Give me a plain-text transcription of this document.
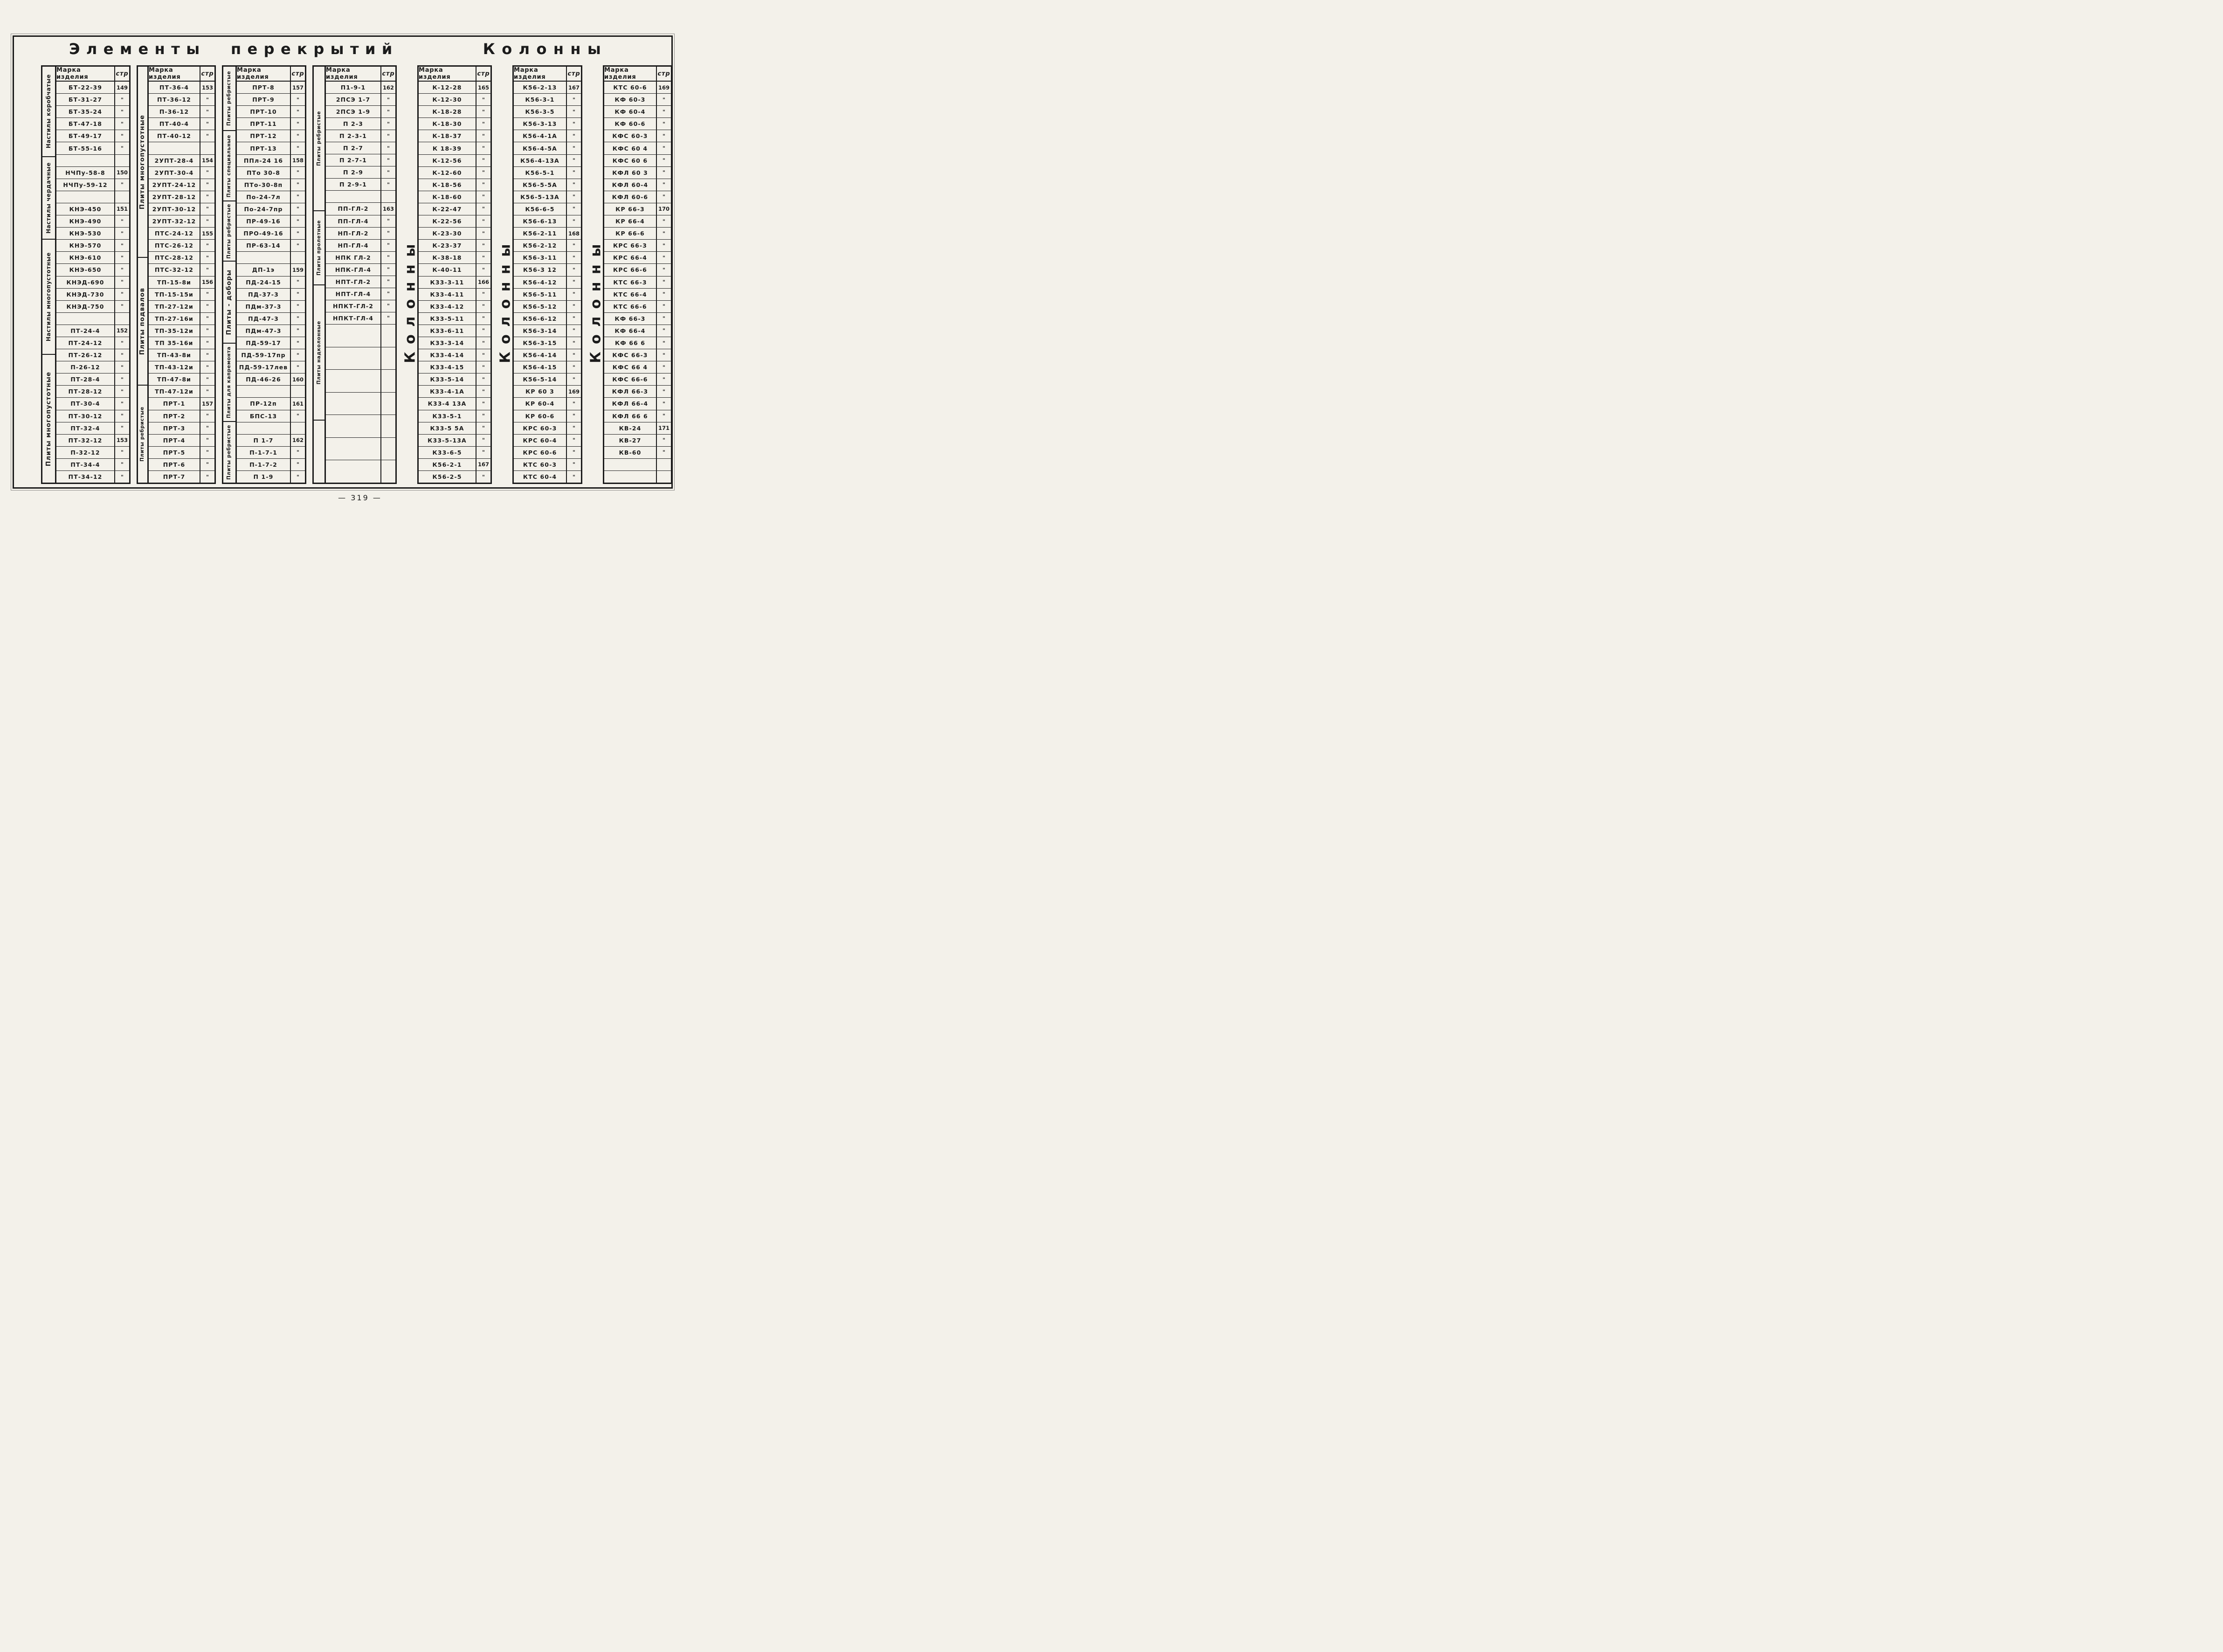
Элементы перекрытий	Колонны
Настилы коробчатые
Настилы чердачные
Настилы многопустотные
Плиты многопустотные
Марка изделия	стр
БТ-22-39	149
БТ-31-27	"
БТ-35-24	"
БТ-47-18	"
БТ-49-17	"
БТ-55-16	"
НЧПу-58-8	150
НЧПу-59-12	"
КНЭ-450	151
КНЭ-490	"
КНЭ-530	"
КНЭ-570	"
КНЭ-610	"
КНЭ-650	"
КНЭД-690	"
КНЭД-730	"
КНЭД-750	"
ПТ-24-4	152
ПТ-24-12	"
ПТ-26-12	"
П-26-12	"
ПТ-28-4	"
ПТ-28-12	"
ПТ-30-4	"
ПТ-30-12	"
ПТ-32-4	"
ПТ-32-12	153
П-32-12	"
ПТ-34-4	"
ПТ-34-12	"
Плиты многопустотные
Плиты подвалов
Плиты ребристые
Марка изделия	стр
ПТ-36-4	153
ПТ-36-12	"
П-36-12	"
ПТ-40-4	"
ПТ-40-12	"
2УПТ-28-4	154
2УПТ-30-4	"
2УПТ-24-12	"
2УПТ-28-12	"
2УПТ-30-12	"
2УПТ-32-12	"
ПТС-24-12	155
ПТС-26-12	"
ПТС-28-12	"
ПТС-32-12	"
ТП-15-8и	156
ТП-15-15и	"
ТП-27-12и	"
ТП-27-16и	"
ТП-35-12и	"
ТП 35-16и	"
ТП-43-8и	"
ТП-43-12и	"
ТП-47-8и	"
ТП-47-12и	"
ПРТ-1	157
ПРТ-2	"
ПРТ-3	"
ПРТ-4	"
ПРТ-5	"
ПРТ-6	"
ПРТ-7	"
Плиты ребристые
Плиты специальные
Плиты ребристые
Плиты - доборы
Плиты для капремонта
Плиты ребристые
Марка изделия	стр
ПРТ-8	157
ПРТ-9	"
ПРТ-10	"
ПРТ-11	"
ПРТ-12	"
ПРТ-13	"
ППл-24 16	158
ПТо 30-8	"
ПТо-30-8п	"
По-24-7л	"
По-24-7пр	"
ПР-49-16	"
ПРО-49-16	"
ПР-63-14	"
ДП-1э	159
ПД-24-15	"
ПД-37-3	"
ПДм-37-3	"
ПД-47-3	"
ПДм-47-3	"
ПД-59-17	"
ПД-59-17пр	"
ПД-59-17лев	"
ПД-46-26	160
ПР-12п	161
БПС-13	"
П 1-7	162
П-1-7-1	"
П-1-7-2	"
П 1-9	"
Плиты ребристые
Плиты пролетные
Плиты надколонные
Марка изделия	стр
П1-9-1	162
2ПСЭ 1-7	"
2ПСЭ 1-9	"
П 2-3	"
П 2-3-1	"
П 2-7	"
П 2-7-1	"
П 2-9	"
П 2-9-1	"
ПП-ГЛ-2	163
ПП-ГЛ-4	"
НП-ГЛ-2	"
НП-ГЛ-4	"
НПК ГЛ-2	"
НПК-ГЛ-4	"
НПТ-ГЛ-2	"
НПТ-ГЛ-4	"
НПКТ-ГЛ-2	"
НПКТ-ГЛ-4	" Колонны
Марка изделия	стр
К-12-28	165
К-12-30	"
К-18-28	"
К-18-30	"
К-18-37	"
К 18-39	"
К-12-56	"
К-12-60	"
К-18-56	"
К-18-60	"
К-22-47	"
К-22-56	"
К-23-30	"
К-23-37	"
К-38-18	"
К-40-11	"
К33-3-11	166
К33-4-11	"
К33-4-12	"
К33-5-11	"
К33-6-11	"
К33-3-14	"
К33-4-14	"
К33-4-15	"
К33-5-14	"
К33-4-1А	"
К33-4 13А	"
К33-5-1	"
К33-5 5А	"
К33-5-13А	"
К33-6-5	"
К56-2-1	167
К56-2-5	"
Колонны
Марка изделия	стр
К56-2-13	167
К56-3-1	"
К56-3-5	"
К56-3-13	"
К56-4-1А	"
К56-4-5А	"
К56-4-13А	"
К56-5-1	"
К56-5-5А	"
К56-5-13А	"
К56-6-5	"
К56-6-13	"
К56-2-11	168
К56-2-12	"
К56-3-11	"
К56-3 12	"
К56-4-12	"
К56-5-11	"
К56-5-12	"
К56-6-12	"
К56-3-14	"
К56-3-15	"
К56-4-14	"
К56-4-15	"
К56-5-14	"
КР 60 3	169
КР 60-4	"
КР 60-6	"
КРС 60-3	"
КРС 60-4	"
КРС 60-6	"
КТС 60-3	"
КТС 60-4	"
Колонны
Марка изделия	стр
КТС 60-6	169
КФ 60-3	"
КФ 60-4	"
КФ 60-6	"
КФС 60-3	"
КФС 60 4	"
КФС 60 6	"
КФЛ 60 3	"
КФЛ 60-4	"
КФЛ 60-6	"
КР 66-3	170
КР 66-4	"
КР 66-6	"
КРС 66-3	"
КРС 66-4	"
КРС 66-6	"
КТС 66-3	"
КТС 66-4	"
КТС 66-6	"
КФ 66-3	"
КФ 66-4	"
КФ 66 6	"
КФС 66-3	"
КФС 66 4	"
КФС 66-6	"
КФЛ 66-3	"
КФЛ 66-4	"
КФЛ 66 6	"
КВ-24	171
КВ-27	"
КВ-60	"
— 319 —
